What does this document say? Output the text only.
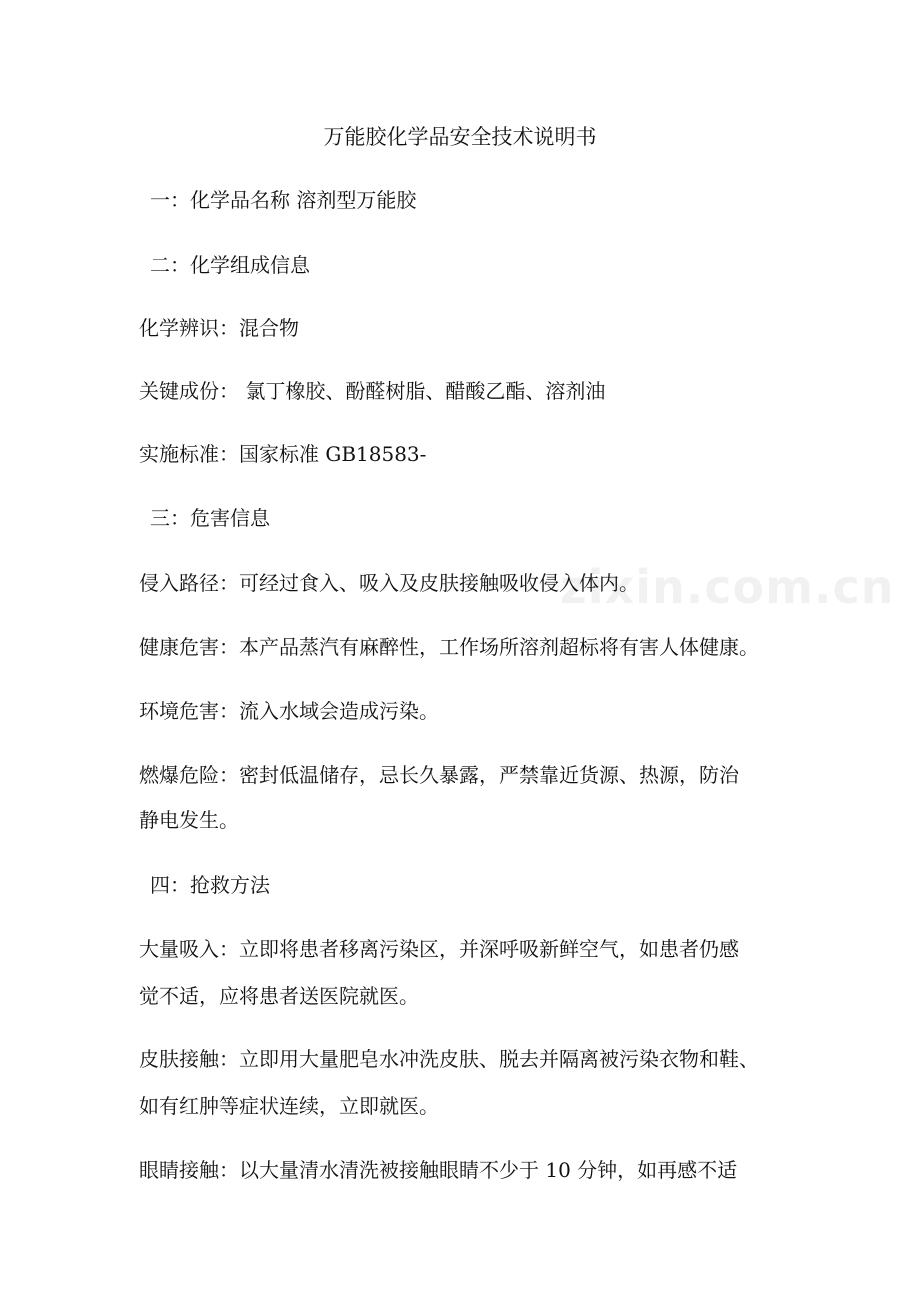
zixin.com.cn
万能胶化学品安全技术说明书
一：化学品名称 溶剂型万能胶
二：化学组成信息
化学辨识：混合物
关键成份： 氯丁橡胶、酚醛树脂、醋酸乙酯、溶剂油
实施标准：国家标准 GB18583-
三：危害信息
侵入路径：可经过食入、吸入及皮肤接触吸收侵入体内。
健康危害：本产品蒸汽有麻醉性，工作场所溶剂超标将有害人体健康。
环境危害：流入水域会造成污染。
燃爆危险：密封低温储存，忌长久暴露，严禁靠近货源、热源，防治
静电发生。
四：抢救方法
大量吸入：立即将患者移离污染区，并深呼吸新鲜空气，如患者仍感
觉不适，应将患者送医院就医。
皮肤接触：立即用大量肥皂水冲洗皮肤、脱去并隔离被污染衣物和鞋、
如有红肿等症状连续，立即就医。
眼睛接触：以大量清水清洗被接触眼睛不少于 10 分钟，如再感不适
